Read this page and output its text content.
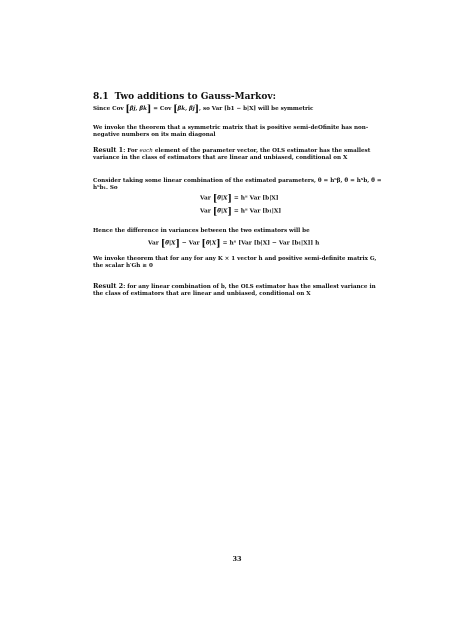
8.1 Two additions to Gauss-Markov:
Since Cov [β̂j, β̃k] = Cov [β̂k, β̃j], so Var [b1 − b|X] will be symmetric
We invoke the theorem that a symmetric matrix that is positive semi-deOfinite has non-negative numbers on its main diagonal
Result 1: For each element of the parameter vector, the OLS estimator has the smallest variance in the class of estimators that are linear and unbiased, conditional on X
Consider taking some linear combination of the estimated parameters, θ = hᵀβ, θ̂ = hᵀb, θ̃ = hᵀb₁. So
Var [θ̂|X] = hᵀ Var [b|X]
Var [θ̃|X] = hᵀ Var [b₁|X]
Hence the difference in variances between the two estimators will be
Var [θ̃|X] − Var [θ̂|X] = hᵀ [Var [b|X] − Var [b₁|X]] h
We invoke theorem that for any for any K × 1 vector h and positive semi-definite matrix G, the scalar h′Gh ≥ 0
Result 2: for any linear combination of b, the OLS estimator has the smallest variance in the class of estimators that are linear and unbiased, conditional on X
33
